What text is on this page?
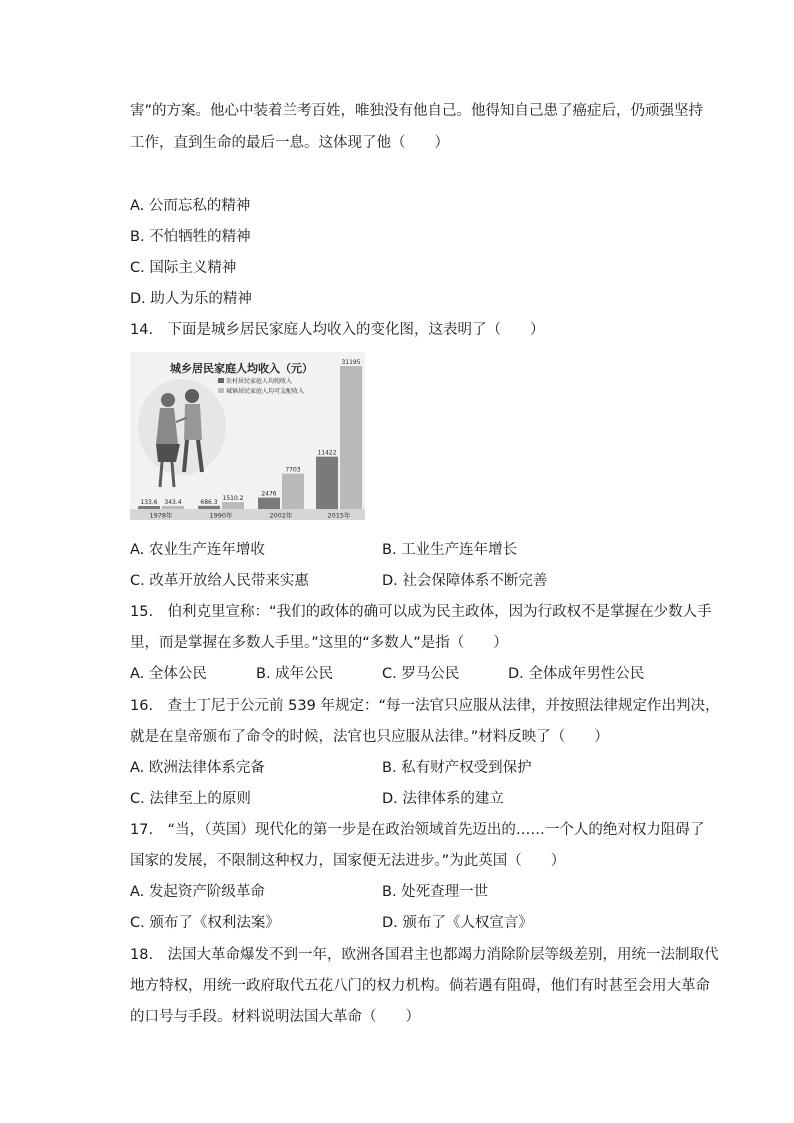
害”的方案。他心中装着兰考百姓，唯独没有他自己。他得知自己患了癌症后，仍顽强坚持
工作，直到生命的最后一息。这体现了他（　　）
A. 公而忘私的精神
B. 不怕牺牲的精神
C. 国际主义精神
D. 助人为乐的精神
14.　下面是城乡居民家庭人均收入的变化图，这表明了（　　）
133.6 343.4	686.3
1510.2
2476
7703
11422
31195
城乡居民家庭人均收入（元）
农村居民家庭人均纯收入
城镇居民家庭人均可支配收入
1978年	1990年	2002年	2015年
A. 农业生产连年增收	B. 工业生产连年增长
C. 改革开放给人民带来实惠	D. 社会保障体系不断完善
15.　伯利克里宣称：“我们的政体的确可以成为民主政体，因为行政权不是掌握在少数人手
里，而是掌握在多数人手里。”这里的“多数人”是指（　　）
A. 全体公民	B. 成年公民	C. 罗马公民	D. 全体成年男性公民
16.　查士丁尼于公元前 539 年规定：“每一法官只应服从法律，并按照法律规定作出判决，
就是在皇帝颁布了命令的时候，法官也只应服从法律。”材料反映了（　　）
A. 欧洲法律体系完备	B. 私有财产权受到保护
C. 法律至上的原则	D. 法律体系的建立
17.　“当，（英国）现代化的第一步是在政治领域首先迈出的……一个人的绝对权力阻碍了
国家的发展，不限制这种权力，国家便无法进步。”为此英国（　　）
A. 发起资产阶级革命	B. 处死查理一世
C. 颁布了《权利法案》	D. 颁布了《人权宣言》
18.　法国大革命爆发不到一年，欧洲各国君主也都竭力消除阶层等级差别，用统一法制取代
地方特权，用统一政府取代五花八门的权力机构。倘若遇有阻碍，他们有时甚至会用大革命
的口号与手段。材料说明法国大革命（　　）
